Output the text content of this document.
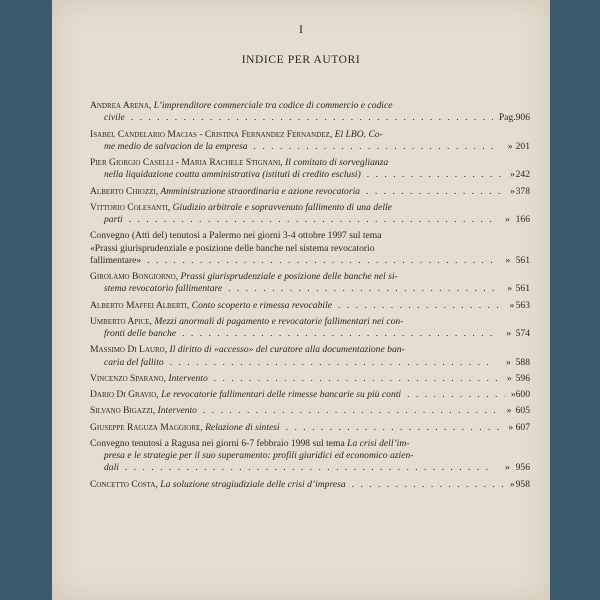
I
INDICE PER AUTORI
Andrea Arena, L’imprenditore commerciale tra codice di commercio e codice
civile . . .	Pag. 906
Isabel Candelario Macias - Cristina Fernandez Fernandez, El LBO. Co-
me medio de salvacion de la empresa . . .	» 201
Pier Giorgio Caselli - Maria Rachele Stignani, Il comitato di sorveglianza
nella liquidazione coatta amministrativa (istituti di credito esclusi) . . .	» 242
Alberto Chiozzi, Amministrazione straordinaria e azione revocatoria . . .	» 378
Vittorio Colesanti, Giudizio arbitrale e sopravvenuto fallimento di una delle
parti . . .	» 166
Convegno (Atti del) tenutosi a Palermo nei giorni 3-4 ottobre 1997 sul tema
«Prassi giurisprudenziale e posizione delle banche nel sistema revocatorio
fallimentare» . . .	» 561
Girolamo Bongiorno, Prassi giurisprudenziale e posizione delle banche nel si-
stema revocatorio fallimentare . . .	» 561
Alberto Maffei Alberti, Conto scoperto e rimessa revocabile . . .	» 563
Umberto Apice, Mezzi anormali di pagamento e revocatorie fallimentari nei con-
fronti delle banche . . .	» 574
Massimo Di Lauro, Il diritto di «accesso» del curatore alla documentazione ban-
caria del fallito . . .	» 588
Vincenzo Sparano, Intervento . . .	» 596
Dario Di Gravio, Le revocatorie fallimentari delle rimesse bancarie su più conti . . .	» 600
Silvano Bigazzi, Intervento . . .	» 605
Giuseppe Raguza Maggiore, Relazione di sintesi . . .	» 607
Convegno tenutosi a Ragusa nei giorni 6-7 febbraio 1998 sul tema La crisi dell’im-
presa e le strategie per il suo superamento: profili giuridici ed economico azien-
dali . . .	» 956
Concetto Costa, La soluzione stragiudiziale delle crisi d’impresa . . .	» 958
